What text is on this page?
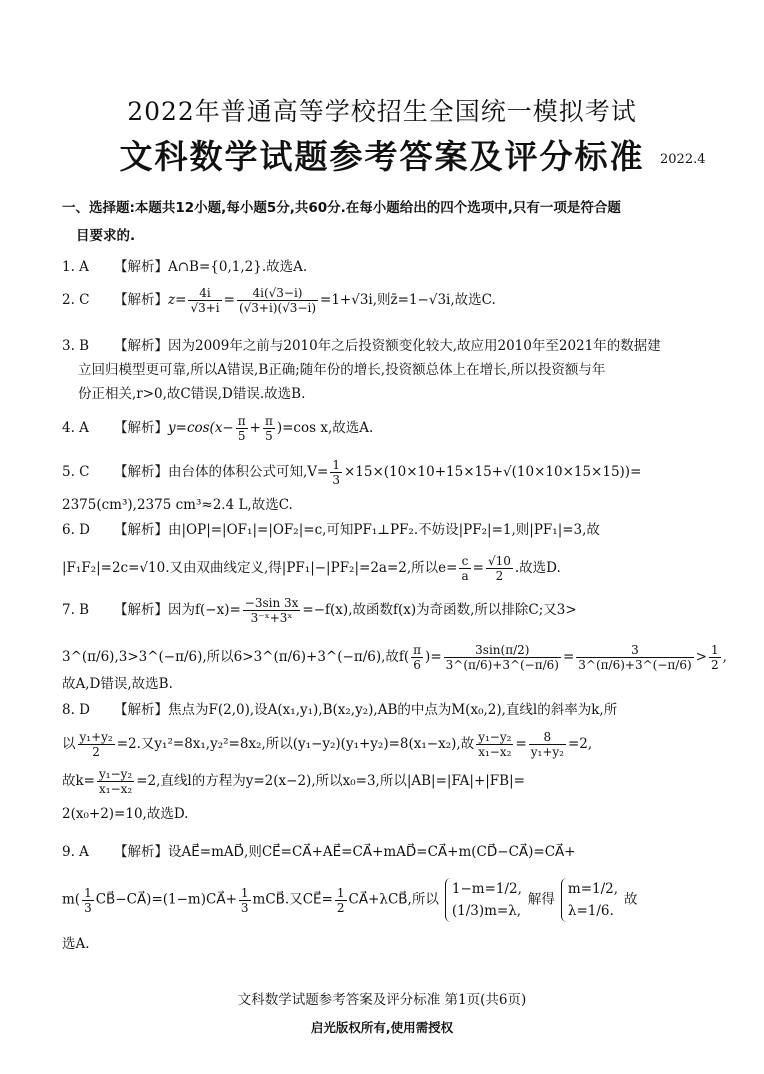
2022年普通高等学校招生全国统一模拟考试
文科数学试题参考答案及评分标准	2022.4
一、选择题:本题共12小题,每小题5分,共60分.在每小题给出的四个选项中,只有一项是符合题
目要求的.
1. A 【解析】A∩B={0,1,2}.故选A.
2. C 【解析】$z= \frac{4i}{√3+i} = \frac{4i(√3-i)}{(√3+i)(√3-i)} =1+√3i$,则z̄=1−√3i,故选C.
3. B 【解析】因为2009年之前与2010年之后投资额变化较大,故应用2010年至2021年的数据建
立回归模型更可靠,所以A错误,B正确;随年份的增长,投资额总体上在增长,所以投资额与年
份正相关,r>0,故C错误,D错误.故选B.
4. A 【解析】$y=\cos(x- \frac{\pi}{5} + \frac{\pi}{5} )=\cos$ x,故选A.
5. C 【解析】由台体的体积公式可知$,V= \frac{1}{3} \times 15\times(10\times 10+15\times 15+√(10\times 10\times 15\times 15))=$
2375(cm³),2375 cm³≈2.4 L,故选C.
6. D 【解析】由|OP|=|OF₁|=|OF₂|=c,可知PF₁⊥PF₂.不妨设|PF₂|=1,则|PF₁|=3,故
|F₁F₂|=2c=√10.又由双曲线定义,得|PF₁|−|PF₂|=2a=2,所以$e= \frac{c}{a} = \frac{√10}{2}$ .故选D.
7. B 【解析】因为$f(-x)= \frac{-3\sin 3x}{\text{3⁻ˣ+3ˣ}} =-f(x)$,故函数f(x)为奇函数,所以排除C;又3>
3^(π/6),3>3^(−π/6),所以6>3^(π/6)+3^(−π/6),故$f( \frac{\pi}{6}$ )= $\frac{3\sin(\pi/2)}{3\^{}(\pi/6)+3\^{}(-\pi/6)} = \frac{3}{3\^{}(\pi/6)+3\^{}(-\pi/6)} > \frac{1}{2}$ ,故A,D错误,故选B.
8. D 【解析】焦点为F(2,0),设A(x₁,y₁),B(x₂,y₂),AB的中点为M(x₀,2),直线l的斜率为k,所
以 $\frac{\text{y₁+y₂}}{2} =2$.又y₁²=8x₁,y₂²=8x₂,所以(y₁−y₂)(y₁+y₂)=8(x₁−x₂),故 $\frac{\text{y₁−y₂}}{\text{x₁−x₂}} = \frac{8}{\text{y₁+y₂}} =2$,
故$k= \frac{\text{y₁−y₂}}{\text{x₁−x₂}} =2$,直线l的方程为y=2(x−2),所以x₀=3,所以|AB|=|FA|+|FB|=
2(x₀+2)=10,故选D.
9. A 【解析】设AE⃗=mAD⃗,则CE⃗=CA⃗+AE⃗=CA⃗+mAD⃗=CA⃗+m(CD⃗−CA⃗)=CA⃗+
$m( \frac{1}{3}$ CB⃗−CA⃗)=(1−m)CA⃗+ $\frac{1}{3}$ mCB⃗.又CE⃗= $\frac{1}{2}$ CA⃗+λCB⃗,所以
1−m=1/2,
(1/3)m=λ,
解得
m=1/2,
λ=1/6.
故
选A.
文科数学试题参考答案及评分标准 第1页(共6页)
启光版权所有,使用需授权
